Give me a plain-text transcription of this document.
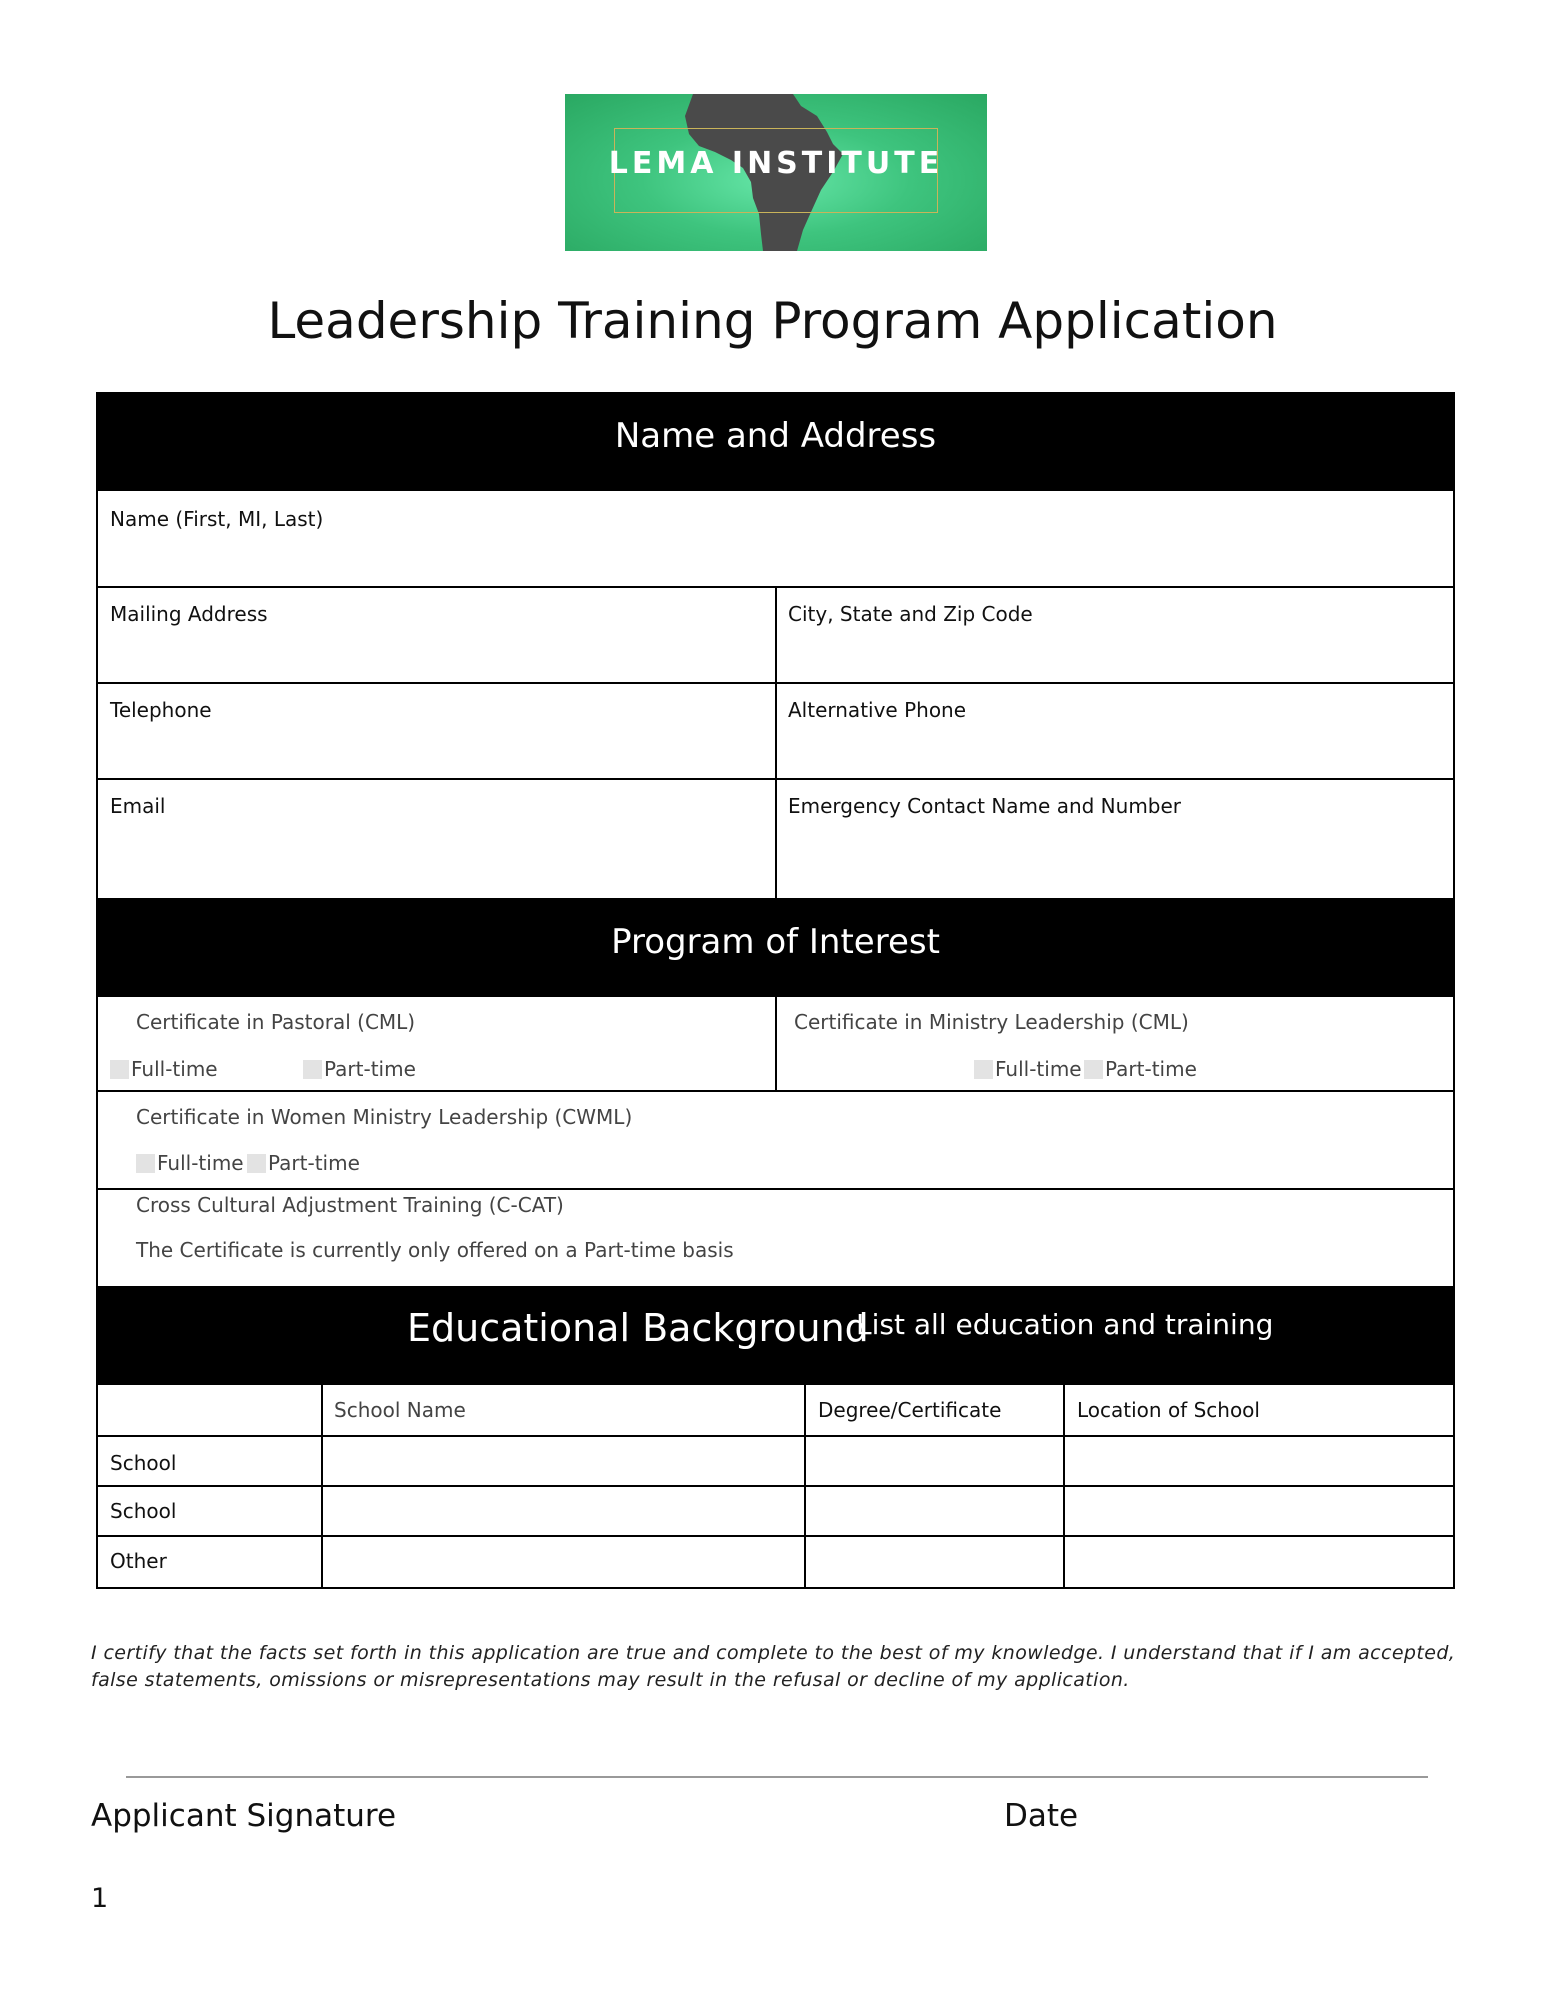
LEMA INSTITUTE
Leadership Training Program Application
Name and Address
Name (First, MI, Last)
Mailing Address	City, State and Zip Code
Telephone	Alternative Phone
Email	Emergency Contact Name and Number
Program of Interest
Certificate in Pastoral (CML)
Full-time	Part-time
Certificate in Ministry Leadership (CML)
Full-time	Part-time
Certificate in Women Ministry Leadership (CWML)
Full-time	Part-time
Cross Cultural Adjustment Training (C-CAT)
The Certificate is currently only offered on a Part-time basis
Educational Background
List all education and training
School Name	Degree/Certificate	Location of School
School
School
Other
I certify that the facts set forth in this application are true and complete to the best of my knowledge. I understand that if I am accepted, false statements, omissions or misrepresentations may result in the refusal or decline of my application.
Applicant Signature	Date
1
